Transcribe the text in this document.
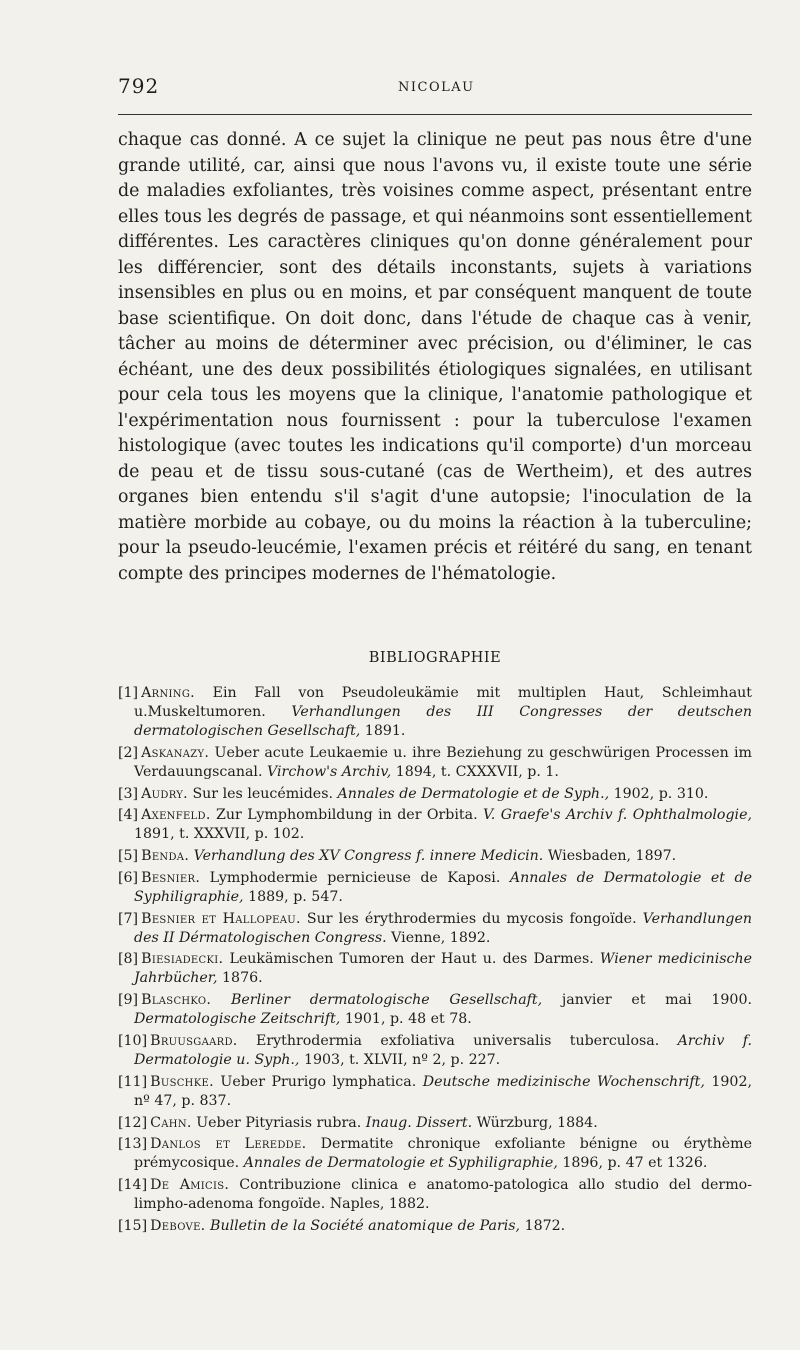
792	NICOLAU

chaque cas donné. A ce sujet la clinique ne peut pas nous être d'une grande utilité, car, ainsi que nous l'avons vu, il existe toute une série de maladies exfoliantes, très voisines comme aspect, présentant entre elles tous les degrés de passage, et qui néanmoins sont essentiellement différentes. Les caractères cliniques qu'on donne généralement pour les différencier, sont des détails inconstants, sujets à variations insensibles en plus ou en moins, et par conséquent manquent de toute base scientifique. On doit donc, dans l'étude de chaque cas à venir, tâcher au moins de déterminer avec précision, ou d'éliminer, le cas échéant, une des deux possibilités étiologiques signalées, en utilisant pour cela tous les moyens que la clinique, l'anatomie pathologique et l'expérimentation nous fournissent : pour la tuberculose l'examen histologique (avec toutes les indications qu'il comporte) d'un morceau de peau et de tissu sous-cutané (cas de Wertheim), et des autres organes bien entendu s'il s'agit d'une autopsie; l'inoculation de la matière morbide au cobaye, ou du moins la réaction à la tuberculine; pour la pseudo-leucémie, l'examen précis et réitéré du sang, en tenant compte des principes modernes de l'hématologie.

BIBLIOGRAPHIE
[1] Arning. Ein Fall von Pseudoleukämie mit multiplen Haut, Schleimhaut u.Muskeltumoren. Verhandlungen des III Congresses der deutschen dermatologischen Gesellschaft, 1891.
[2] Askanazy. Ueber acute Leukaemie u. ihre Beziehung zu geschwürigen Processen im Verdauungscanal. Virchow's Archiv, 1894, t. CXXXVII, p. 1.
[3] Audry. Sur les leucémides. Annales de Dermatologie et de Syph., 1902, p. 310.
[4] Axenfeld. Zur Lymphombildung in der Orbita. V. Graefe's Archiv f. Ophthalmologie, 1891, t. XXXVII, p. 102.
[5] Benda. Verhandlung des XV Congress f. innere Medicin. Wiesbaden, 1897.
[6] Besnier. Lymphodermie pernicieuse de Kaposi. Annales de Dermatologie et de Syphiligraphie, 1889, p. 547.
[7] Besnier et Hallopeau. Sur les érythrodermies du mycosis fongoïde. Verhandlungen des II Dérmatologischen Congress. Vienne, 1892.
[8] Biesiadecki. Leukämischen Tumoren der Haut u. des Darmes. Wiener medicinische Jahrbücher, 1876.
[9] Blaschko. Berliner dermatologische Gesellschaft, janvier et mai 1900. Dermatologische Zeitschrift, 1901, p. 48 et 78.
[10] Bruusgaard. Erythrodermia exfoliativa universalis tuberculosa. Archiv f. Dermatologie u. Syph., 1903, t. XLVII, nº 2, p. 227.
[11] Buschke. Ueber Prurigo lymphatica. Deutsche medizinische Wochenschrift, 1902, nº 47, p. 837.
[12] Cahn. Ueber Pityriasis rubra. Inaug. Dissert. Würzburg, 1884.
[13] Danlos et Leredde. Dermatite chronique exfoliante bénigne ou érythème prémycosique. Annales de Dermatologie et Syphiligraphie, 1896, p. 47 et 1326.
[14] De Amicis. Contribuzione clinica e anatomo-patologica allo studio del dermo-limpho-adenoma fongoïde. Naples, 1882.
[15] Debove. Bulletin de la Société anatomique de Paris, 1872.
